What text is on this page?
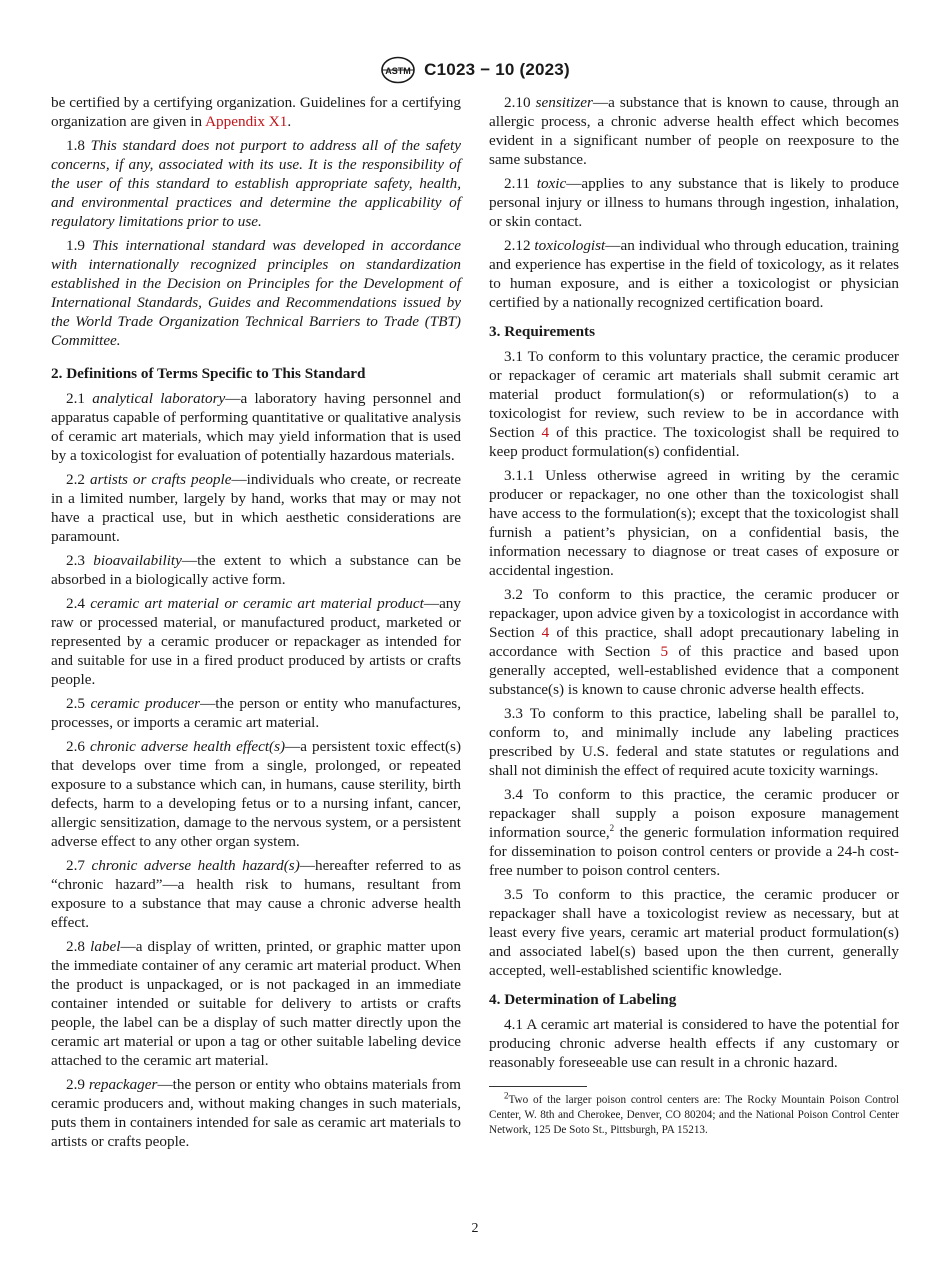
ASTM C1023 − 10 (2023)

be certified by a certifying organization. Guidelines for a certifying organization are given in Appendix X1.

1.8 This standard does not purport to address all of the safety concerns, if any, associated with its use. It is the responsibility of the user of this standard to establish appropriate safety, health, and environmental practices and determine the applicability of regulatory limitations prior to use.

1.9 This international standard was developed in accordance with internationally recognized principles on standardization established in the Decision on Principles for the Development of International Standards, Guides and Recommendations issued by the World Trade Organization Technical Barriers to Trade (TBT) Committee.

2. Definitions of Terms Specific to This Standard

2.1 analytical laboratory—a laboratory having personnel and apparatus capable of performing quantitative or qualitative analysis of ceramic art materials, which may yield information that is used by a toxicologist for evaluation of potentially hazardous materials.

2.2 artists or crafts people—individuals who create, or recreate in a limited number, largely by hand, works that may or may not have a practical use, but in which aesthetic considerations are paramount.

2.3 bioavailability—the extent to which a substance can be absorbed in a biologically active form.

2.4 ceramic art material or ceramic art material product—any raw or processed material, or manufactured product, marketed or represented by a ceramic producer or repackager as intended for and suitable for use in a fired product produced by artists or crafts people.

2.5 ceramic producer—the person or entity who manufactures, processes, or imports a ceramic art material.

2.6 chronic adverse health effect(s)—a persistent toxic effect(s) that develops over time from a single, prolonged, or repeated exposure to a substance which can, in humans, cause sterility, birth defects, harm to a developing fetus or to a nursing infant, cancer, allergic sensitization, damage to the nervous system, or a persistent adverse effect to any other organ system.

2.7 chronic adverse health hazard(s)—hereafter referred to as “chronic hazard”—a health risk to humans, resultant from exposure to a substance that may cause a chronic adverse health effect.

2.8 label—a display of written, printed, or graphic matter upon the immediate container of any ceramic art material product. When the product is unpackaged, or is not packaged in an immediate container intended or suitable for delivery to artists or crafts people, the label can be a display of such matter directly upon the ceramic art material or upon a tag or other suitable labeling device attached to the ceramic art material.

2.9 repackager—the person or entity who obtains materials from ceramic producers and, without making changes in such materials, puts them in containers intended for sale as ceramic art materials to artists or crafts people.

2.10 sensitizer—a substance that is known to cause, through an allergic process, a chronic adverse health effect which becomes evident in a significant number of people on reexposure to the same substance.

2.11 toxic—applies to any substance that is likely to produce personal injury or illness to humans through ingestion, inhalation, or skin contact.

2.12 toxicologist—an individual who through education, training and experience has expertise in the field of toxicology, as it relates to human exposure, and is either a toxicologist or physician certified by a nationally recognized certification board.

3. Requirements

3.1 To conform to this voluntary practice, the ceramic producer or repackager of ceramic art materials shall submit ceramic art material product formulation(s) or reformulation(s) to a toxicologist for review, such review to be in accordance with Section 4 of this practice. The toxicologist shall be required to keep product formulation(s) confidential.

3.1.1 Unless otherwise agreed in writing by the ceramic producer or repackager, no one other than the toxicologist shall have access to the formulation(s); except that the toxicologist shall furnish a patient’s physician, on a confidential basis, the information necessary to diagnose or treat cases of exposure or accidental ingestion.

3.2 To conform to this practice, the ceramic producer or repackager, upon advice given by a toxicologist in accordance with Section 4 of this practice, shall adopt precautionary labeling in accordance with Section 5 of this practice and based upon generally accepted, well-established evidence that a component substance(s) is known to cause chronic adverse health effects.

3.3 To conform to this practice, labeling shall be parallel to, conform to, and minimally include any labeling practices prescribed by U.S. federal and state statutes or regulations and shall not diminish the effect of required acute toxicity warnings.

3.4 To conform to this practice, the ceramic producer or repackager shall supply a poison exposure management information source,$^2$ the generic formulation information required for dissemination to poison control centers or provide a 24-h cost-free number to poison control centers.

3.5 To conform to this practice, the ceramic producer or repackager shall have a toxicologist review as necessary, but at least every five years, ceramic art material product formulation(s) and associated label(s) based upon the then current, generally accepted, well-established scientific knowledge.

4. Determination of Labeling

4.1 A ceramic art material is considered to have the potential for producing chronic adverse health effects if any customary or reasonably foreseeable use can result in a chronic hazard.

$^2$Two of the larger poison control centers are: The Rocky Mountain Poison Control Center, W. 8th and Cherokee, Denver, CO 80204; and the National Poison Control Center Network, 125 De Soto St., Pittsburgh, PA 15213.

2
